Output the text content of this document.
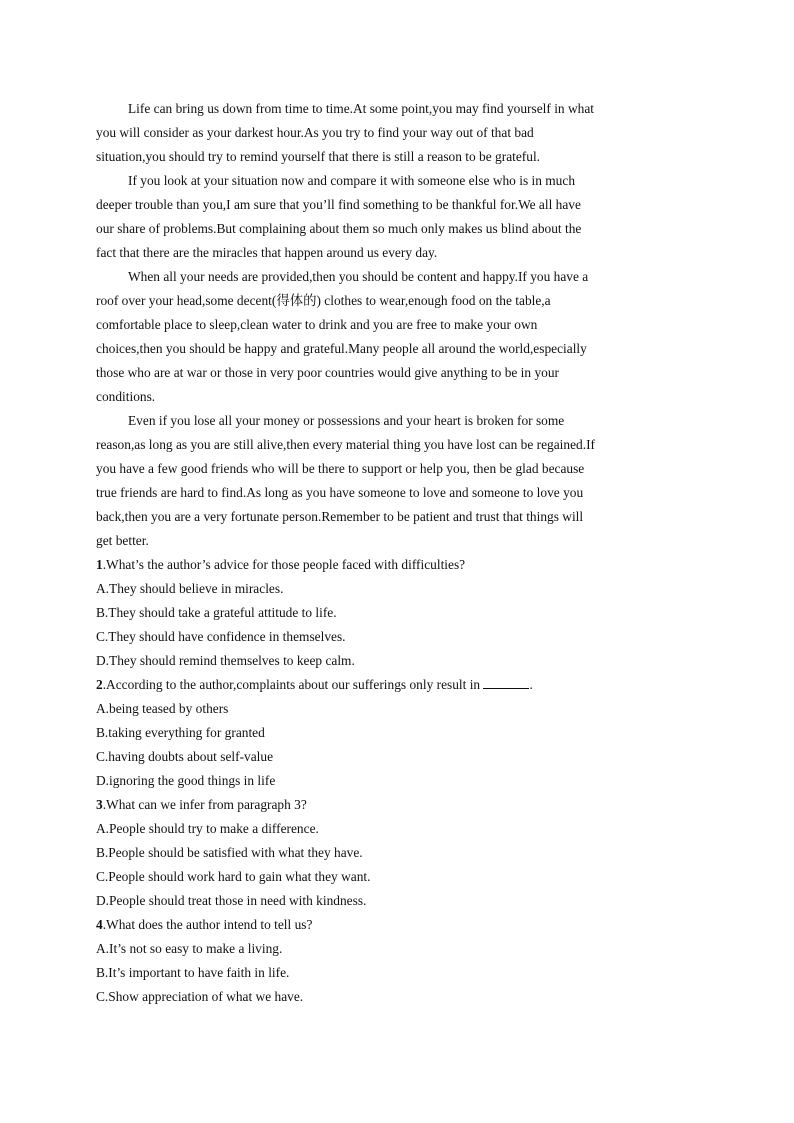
Life can bring us down from time to time.At some point,you may find yourself in what

you will consider as your darkest hour.As you try to find your way out of that bad

situation,you should try to remind yourself that there is still a reason to be grateful.

If you look at your situation now and compare it with someone else who is in much

deeper trouble than you,I am sure that you’ll find something to be thankful for.We all have

our share of problems.But complaining about them so much only makes us blind about the

fact that there are the miracles that happen around us every day.

When all your needs are provided,then you should be content and happy.If you have a

roof over your head,some decent(得体的) clothes to wear,enough food on the table,a

comfortable place to sleep,clean water to drink and you are free to make your own

choices,then you should be happy and grateful.Many people all around the world,especially

those who are at war or those in very poor countries would give anything to be in your

conditions.

Even if you lose all your money or possessions and your heart is broken for some

reason,as long as you are still alive,then every material thing you have lost can be regained.If

you have a few good friends who will be there to support or help you, then be glad because

true friends are hard to find.As long as you have someone to love and someone to love you

back,then you are a very fortunate person.Remember to be patient and trust that things will

get better.

1.What’s the author’s advice for those people faced with difficulties?

A.They should believe in miracles.

B.They should take a grateful attitude to life.

C.They should have confidence in themselves.

D.They should remind themselves to keep calm.

2.According to the author,complaints about our sufferings only result in	.

A.being teased by others

B.taking everything for granted

C.having doubts about self-value

D.ignoring the good things in life

3.What can we infer from paragraph 3?

A.People should try to make a difference.

B.People should be satisfied with what they have.

C.People should work hard to gain what they want.

D.People should treat those in need with kindness.

4.What does the author intend to tell us?

A.It’s not so easy to make a living.

B.It’s important to have faith in life.

C.Show appreciation of what we have.
